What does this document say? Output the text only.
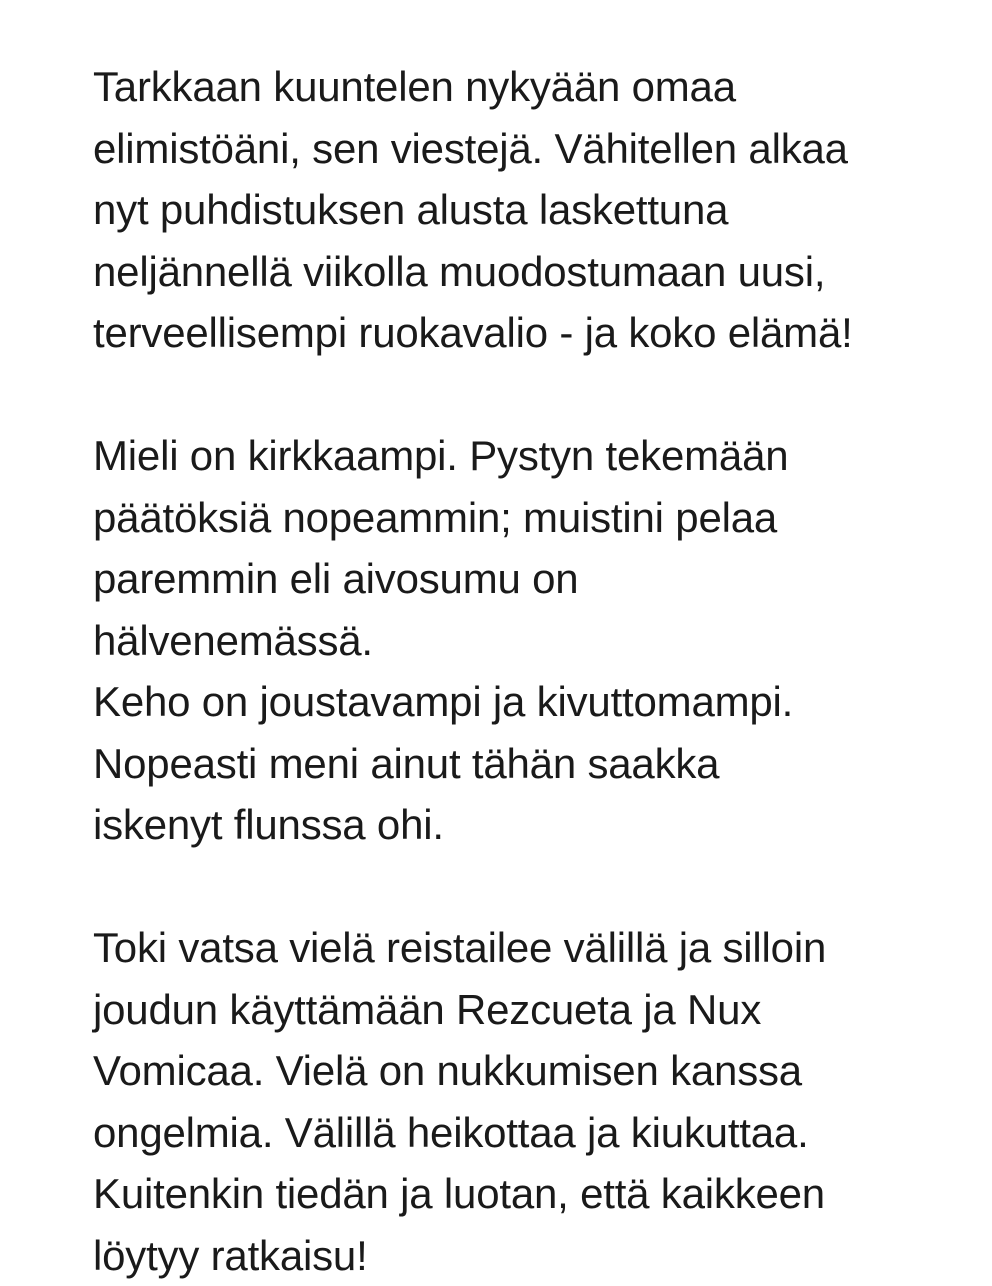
Tarkkaan kuuntelen nykyään omaa
elimistöäni, sen viestejä. Vähitellen alkaa
nyt puhdistuksen alusta laskettuna
neljännellä viikolla muodostumaan uusi,
terveellisempi ruokavalio - ja koko elämä!
Mieli on kirkkaampi. Pystyn tekemään
päätöksiä nopeammin; muistini pelaa
paremmin eli aivosumu on
hälvenemässä.
Keho on joustavampi ja kivuttomampi.
Nopeasti meni ainut tähän saakka
iskenyt flunssa ohi.
Toki vatsa vielä reistailee välillä ja silloin
joudun käyttämään Rezcueta ja Nux
Vomicaa. Vielä on nukkumisen kanssa
ongelmia. Välillä heikottaa ja kiukuttaa.
Kuitenkin tiedän ja luotan, että kaikkeen
löytyy ratkaisu!
